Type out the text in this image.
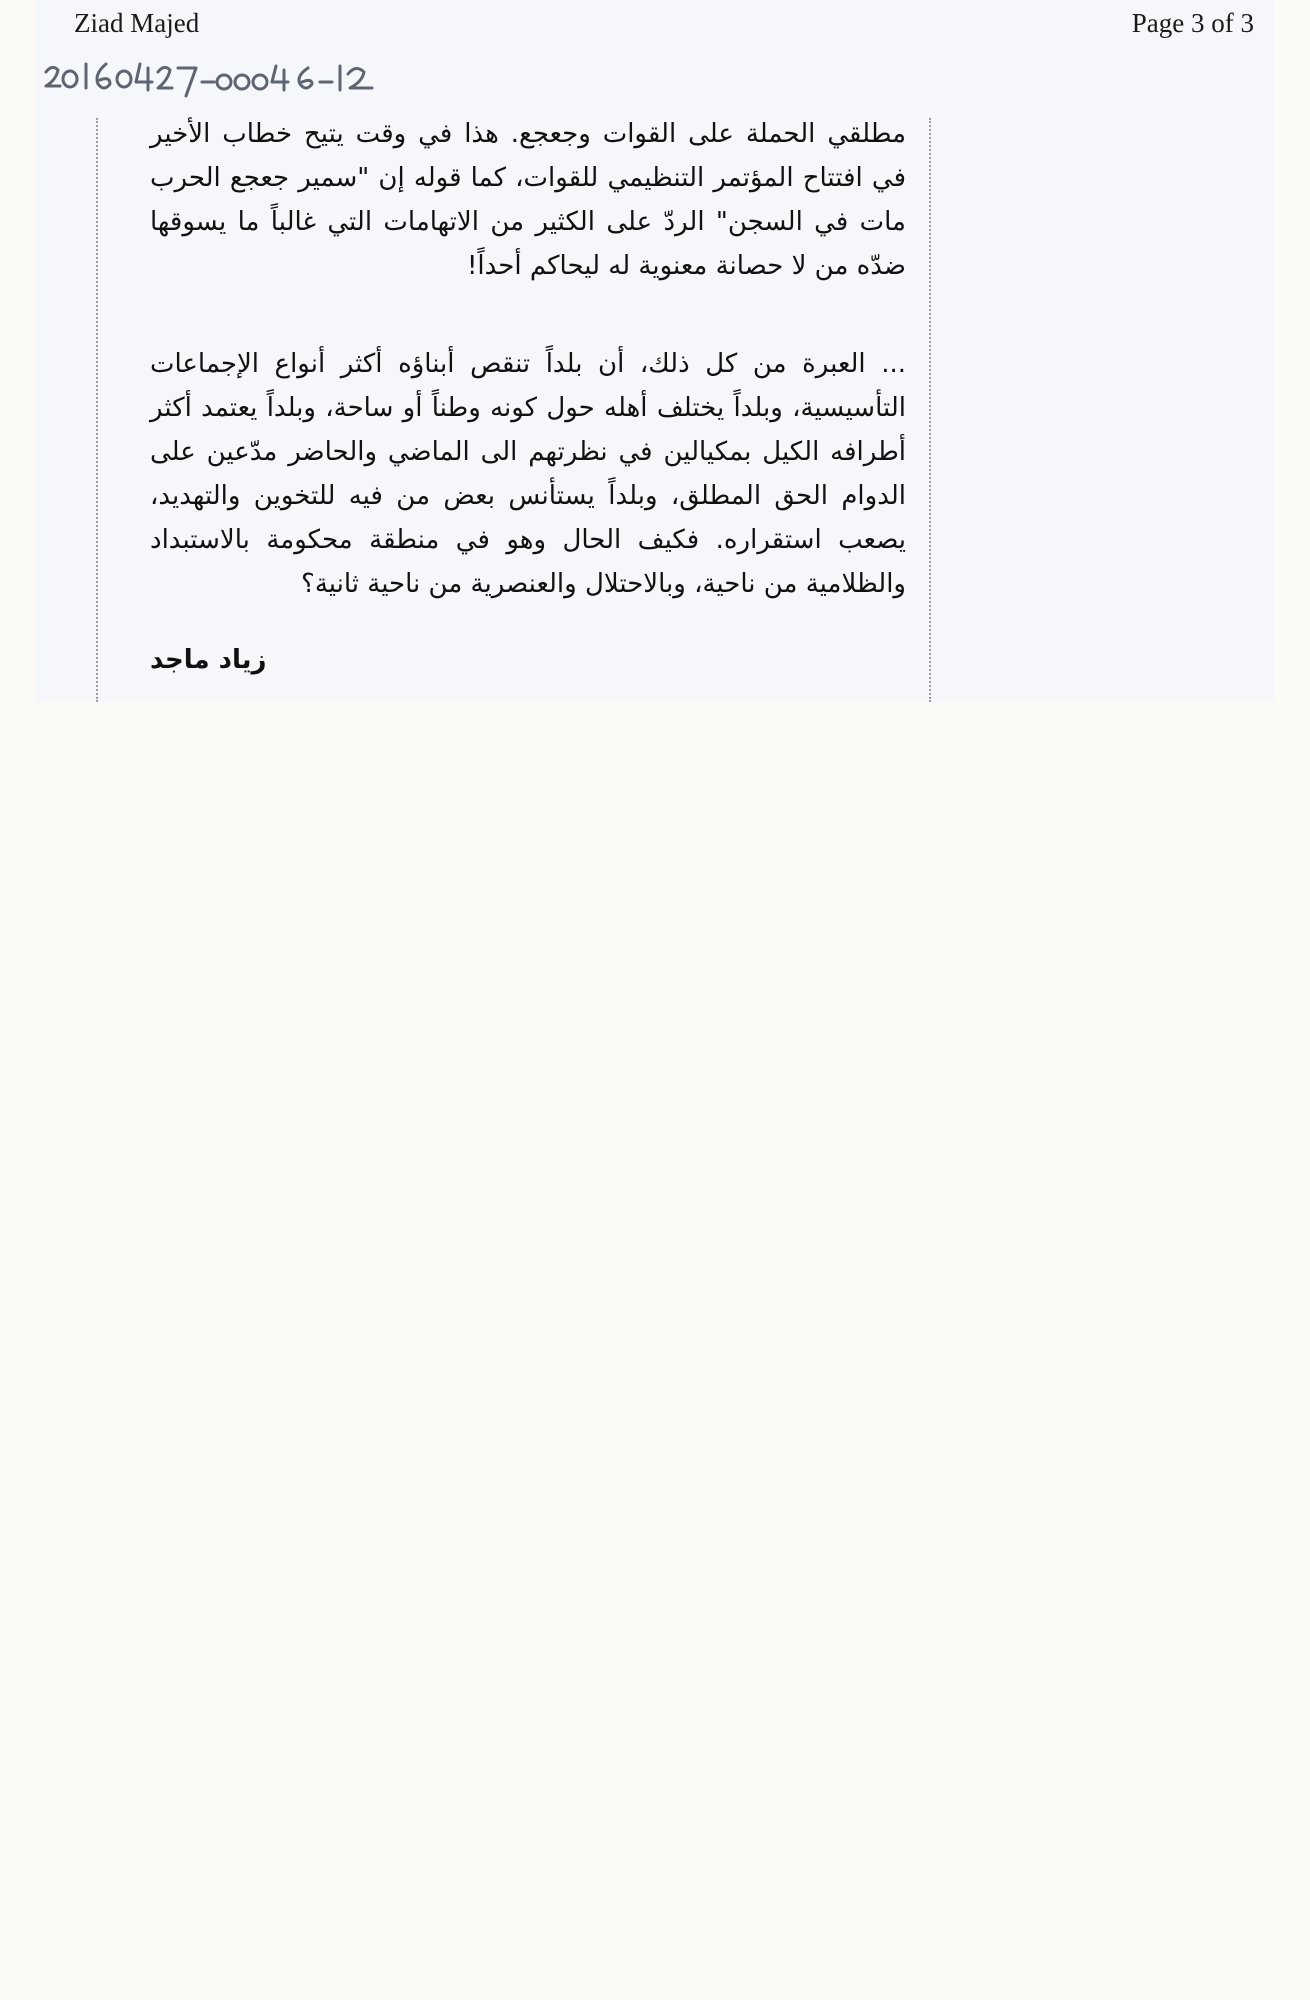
Ziad Majed	Page 3 of 3

مطلقي الحملة على القوات وجعجع. هذا في وقت يتيح خطاب الأخير في افتتاح المؤتمر التنظيمي للقوات، كما قوله إن "سمير جعجع الحرب مات في السجن" الردّ على الكثير من الاتهامات التي غالباً ما يسوقها ضدّه من لا حصانة معنوية له ليحاكم أحداً!

... العبرة من كل ذلك، أن بلداً تنقص أبناؤه أكثر أنواع الإجماعات التأسيسية، وبلداً يختلف أهله حول كونه وطناً أو ساحة، وبلداً يعتمد أكثر أطرافه الكيل بمكيالين في نظرتهم الى الماضي والحاضر مدّعين على الدوام الحق المطلق، وبلداً يستأنس بعض من فيه للتخوين والتهديد، يصعب استقراره. فكيف الحال وهو في منطقة محكومة بالاستبداد والظلامية من ناحية، وبالاحتلال والعنصرية من ناحية ثانية؟

زياد ماجد
